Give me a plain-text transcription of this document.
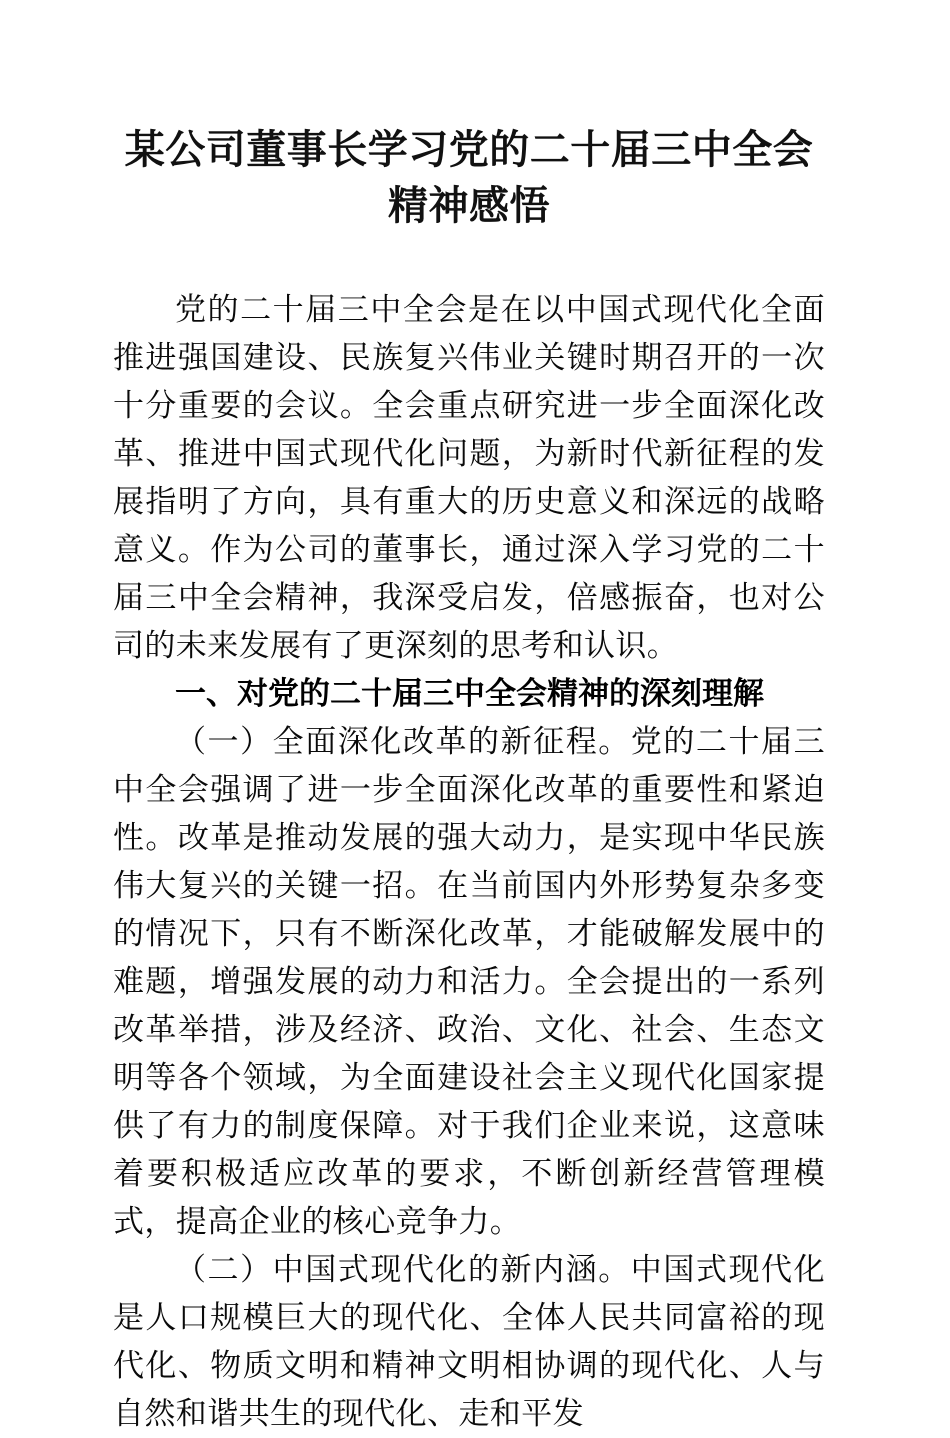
某公司董事长学习党的二十届三中全会精神感悟

党的二十届三中全会是在以中国式现代化全面推进强国建设、民族复兴伟业关键时期召开的一次十分重要的会议。全会重点研究进一步全面深化改革、推进中国式现代化问题，为新时代新征程的发展指明了方向，具有重大的历史意义和深远的战略意义。作为公司的董事长，通过深入学习党的二十届三中全会精神，我深受启发，倍感振奋，也对公司的未来发展有了更深刻的思考和认识。

一、对党的二十届三中全会精神的深刻理解

（一）全面深化改革的新征程。党的二十届三中全会强调了进一步全面深化改革的重要性和紧迫性。改革是推动发展的强大动力，是实现中华民族伟大复兴的关键一招。在当前国内外形势复杂多变的情况下，只有不断深化改革，才能破解发展中的难题，增强发展的动力和活力。全会提出的一系列改革举措，涉及经济、政治、文化、社会、生态文明等各个领域，为全面建设社会主义现代化国家提供了有力的制度保障。对于我们企业来说，这意味着要积极适应改革的要求，不断创新经营管理模式，提高企业的核心竞争力。

（二）中国式现代化的新内涵。中国式现代化是人口规模巨大的现代化、全体人民共同富裕的现代化、物质文明和精神文明相协调的现代化、人与自然和谐共生的现代化、走和平发
